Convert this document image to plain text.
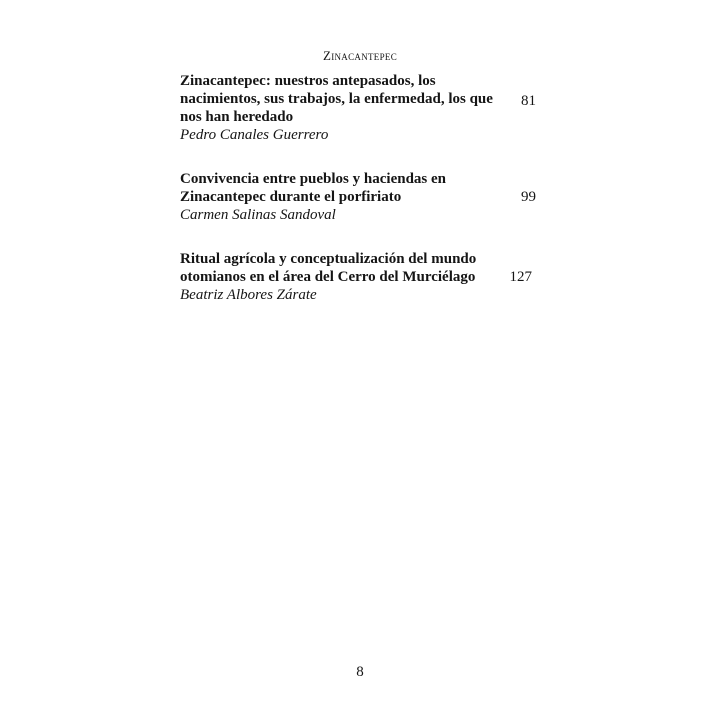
Zinacantepec
Zinacantepec: nuestros antepasados, los nacimientos, sus trabajos, la enfermedad, los que nos han heredado
81
Pedro Canales Guerrero
Convivencia entre pueblos y haciendas en Zinacantepec durante el porfiriato	99
Carmen Salinas Sandoval
Ritual agrícola y conceptualización del mundo otomianos en el área del Cerro del Murciélago	127
Beatriz Albores Zárate
8
